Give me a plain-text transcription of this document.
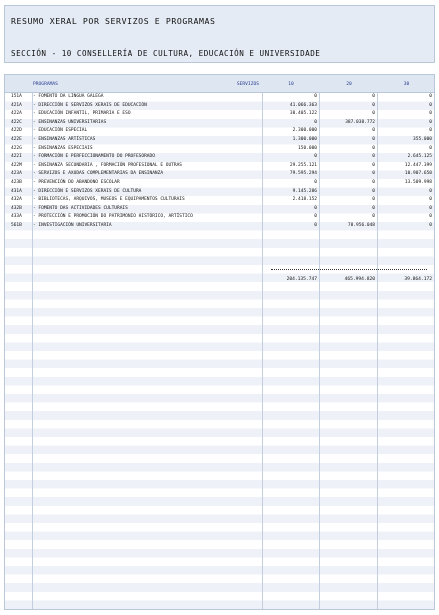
RESUMO XERAL POR SERVIZOS E PROGRAMAS
SECCIÓN - 10 CONSELLERÍA DE CULTURA, EDUCACIÓN E UNIVERSIDADE
PROGRAMAS	SERVIZOS	10	20	30
151A - FOMENTO DA LINGUA GALEGA	0	0	0
421A - DIRECCIÓN E SERVIZOS XERAIS DE EDUCACIÓN	41.066.363	0	0
422A - EDUCACIÓN INFANTIL, PRIMARIA E ESO	38.405.122	0	0
422C - ENSINANZAS UNIVERSITARIAS	0	387.038.772	0
422D - EDUCACIÓN ESPECIAL	2.300.000	0	0
422E - ENSINANZAS ARTÍSTICAS	1.300.000	0	355.000
422G - ENSINANZAS ESPECIAIS	150.000	0	0
422I - FORMACIÓN E PERFECCIONAMENTO DO PROFESORADO	0	0	2.645.125
422M - ENSINANZA SECUNDARIA , FORMACIÓN PROFESIONAL E OUTRAS	29.255.121	0	12.447.399
423A - SERVIZOS E AXUDAS COMPLEMENTARIAS DA ENSINANZA	79.595.294	0	10.907.650
423B - PREVENCIÓN DO ABANDONO ESCOLAR	0	0	13.509.998
431A - DIRECCIÓN E SERVIZOS XERAIS DE CULTURA	9.145.286	0	0
432A - BIBLIOTECAS, ARQUIVOS, MUSEOS E EQUIPAMENTOS CULTURAIS	2.418.152	0	0
432B - FOMENTO DAS ACTIVIDADES CULTURAIS	0	0	0
433A - PROTECCIÓN E PROMOCIÓN DO PATRIMONIO HISTÓRICO, ARTÍSTICO	0	0	0
561B - INVESTIGACIÓN UNIVERSITARIA	0	78.956.048	0
204.135.747	465.994.820	39.864.172
